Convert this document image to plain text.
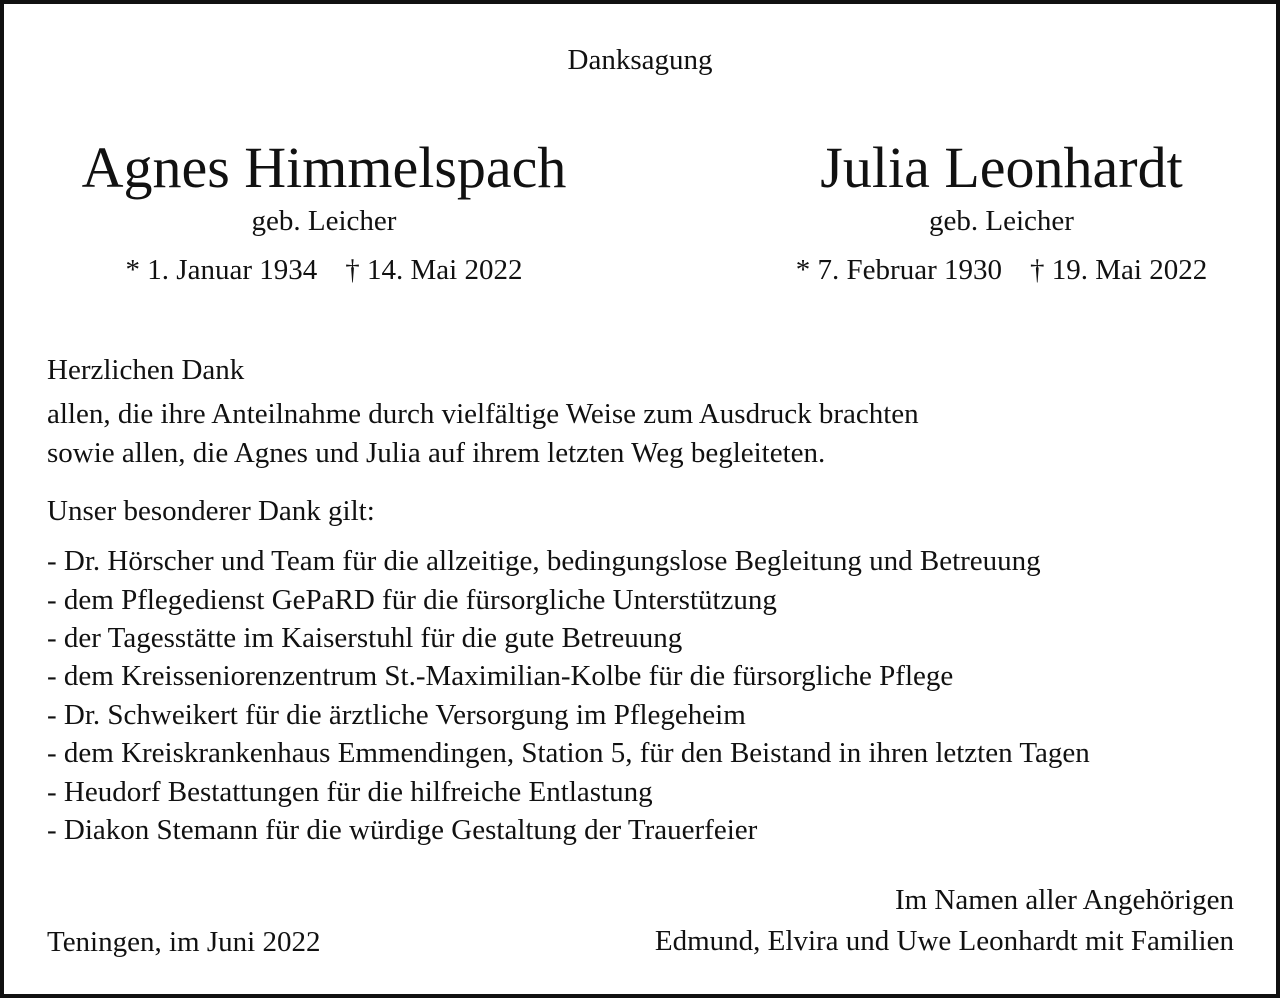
Danksagung
Agnes Himmelspach
geb. Leicher
* 1. Januar 1934 † 14. Mai 2022
Julia Leonhardt
geb. Leicher
* 7. Februar 1930 † 19. Mai 2022
Herzlichen Dank
allen, die ihre Anteilnahme durch vielfältige Weise zum Ausdruck brachten
sowie allen, die Agnes und Julia auf ihrem letzten Weg begleiteten.
Unser besonderer Dank gilt:
- Dr. Hörscher und Team für die allzeitige, bedingungslose Begleitung und Betreuung
- dem Pflegedienst GePaRD für die fürsorgliche Unterstützung
- der Tagesstätte im Kaiserstuhl für die gute Betreuung
- dem Kreisseniorenzentrum St.-Maximilian-Kolbe für die fürsorgliche Pflege
- Dr. Schweikert für die ärztliche Versorgung im Pflegeheim
- dem Kreiskrankenhaus Emmendingen, Station 5, für den Beistand in ihren letzten Tagen
- Heudorf Bestattungen für die hilfreiche Entlastung
- Diakon Stemann für die würdige Gestaltung der Trauerfeier
Teningen, im Juni 2022
Im Namen aller Angehörigen
Edmund, Elvira und Uwe Leonhardt mit Familien
